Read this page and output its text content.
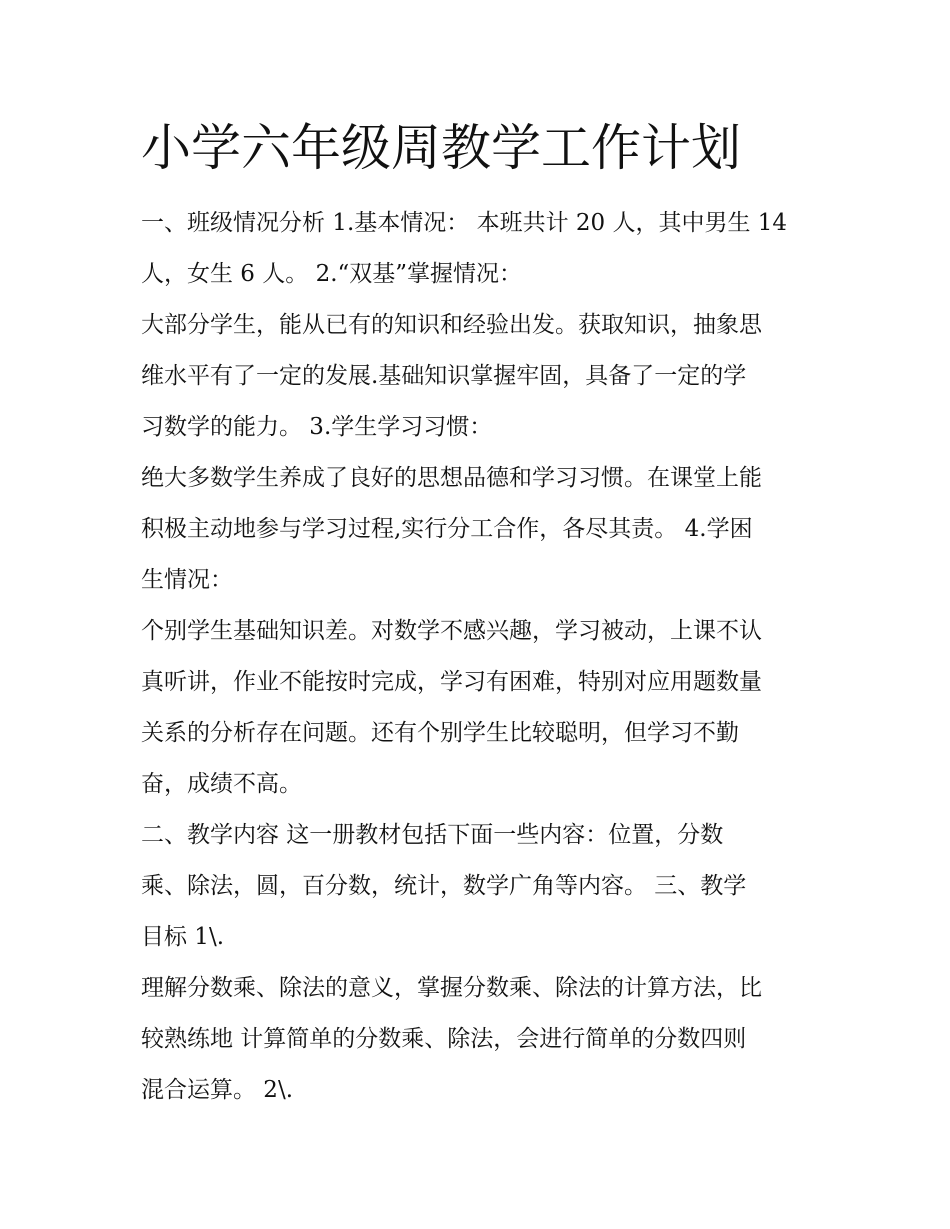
小学六年级周教学工作计划

一、班级情况分析 1.基本情况： 本班共计 20 人，其中男生 14

人，女生 6 人。 2.“双基”掌握情况：

大部分学生，能从已有的知识和经验出发。获取知识，抽象思

维水平有了一定的发展.基础知识掌握牢固，具备了一定的学

习数学的能力。 3.学生学习习惯：

绝大多数学生养成了良好的思想品德和学习习惯。在课堂上能

积极主动地参与学习过程,实行分工合作，各尽其责。 4.学困

生情况：

个别学生基础知识差。对数学不感兴趣，学习被动，上课不认

真听讲，作业不能按时完成，学习有困难，特别对应用题数量

关系的分析存在问题。还有个别学生比较聪明，但学习不勤

奋，成绩不高。

二、教学内容 这一册教材包括下面一些内容：位置，分数

乘、除法，圆，百分数，统计，数学广角等内容。 三、教学

目标 1\.

理解分数乘、除法的意义，掌握分数乘、除法的计算方法，比

较熟练地 计算简单的分数乘、除法，会进行简单的分数四则

混合运算。 2\.
